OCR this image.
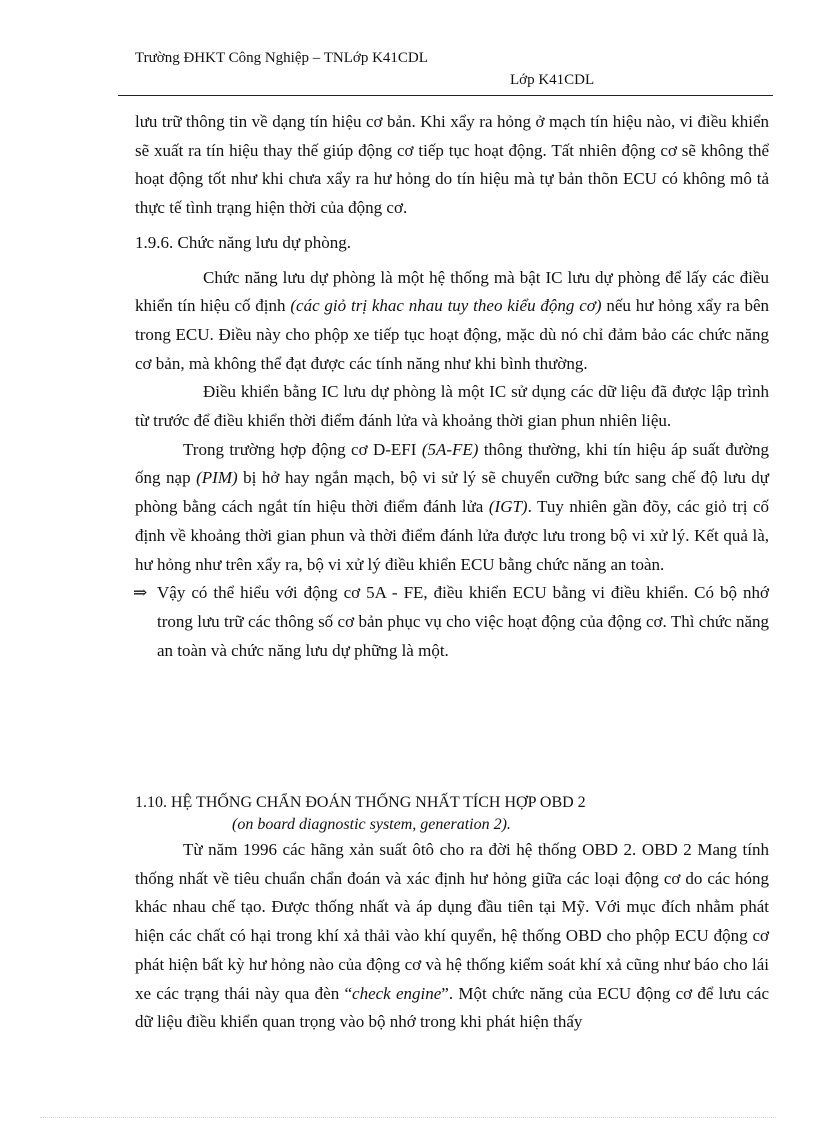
Trường ĐHKT Công Nghiệp – TNLớp K41CDL
Lớp K41CDL

lưu trữ thông tin về dạng tín hiệu cơ bản. Khi xẩy ra hỏng ở mạch tín hiệu nào, vi điều khiển sẽ xuất ra tín hiệu thay thế giúp động cơ tiếp tục hoạt động. Tất nhiên động cơ sẽ không thể hoạt động tốt như khi chưa xẩy ra hư hỏng do tín hiệu mà tự bản thõn ECU có không mô tả thực tế tình trạng hiện thời của động cơ.

1.9.6. Chức năng lưu dự phòng.

Chức năng lưu dự phòng là một hệ thống mà bật IC lưu dự phòng để lấy các điều khiển tín hiệu cố định (các giỏ trị khac nhau tuy theo kiểu động cơ) nếu hư hỏng xẩy ra bên trong ECU. Điều này cho phộp xe tiếp tục hoạt động, mặc dù nó chỉ đảm bảo các chức năng cơ bản, mà không thể đạt được các tính năng như khi bình thường.

Điều khiển bằng IC lưu dự phòng là một IC sử dụng các dữ liệu đã được lập trình từ trước để điều khiển thời điểm đánh lửa và khoảng thời gian phun nhiên liệu.

Trong trường hợp động cơ D-EFI (5A-FE) thông thường, khi tín hiệu áp suất đường ống nạp (PIM) bị hở hay ngắn mạch, bộ vi sử lý sẽ chuyển cưỡng bức sang chế độ lưu dự phòng bằng cách ngắt tín hiệu thời điểm đánh lửa (IGT). Tuy nhiên gần đõy, các giỏ trị cố định về khoảng thời gian phun và thời điểm đánh lửa được lưu trong bộ vi xử lý. Kết quả là, hư hỏng như trên xẩy ra, bộ vi xử lý điều khiển ECU bằng chức năng an toàn.

⇒ Vậy có thể hiểu với động cơ 5A - FE, điều khiển ECU bằng vi điều khiển. Có bộ nhớ trong lưu trữ các thông số cơ bản phục vụ cho việc hoạt động của động cơ. Thì chức năng an toàn và chức năng lưu dự phững là một.

1.10. HỆ THỐNG CHẨN ĐOÁN THỐNG NHẤT TÍCH HỢP OBD 2

(on board diagnostic system, generation 2).

Từ năm 1996 các hãng xản suất ôtô cho ra đời hệ thống OBD 2. OBD 2 Mang tính thống nhất về tiêu chuẩn chẩn đoán và xác định hư hỏng giữa các loại động cơ do các hóng khác nhau chế tạo. Được thống nhất và áp dụng đầu tiên tại Mỹ. Với mục đích nhằm phát hiện các chất có hại trong khí xả thải vào khí quyển, hệ thống OBD cho phộp ECU động cơ phát hiện bất kỳ hư hỏng nào của động cơ và hệ thống kiểm soát khí xả cũng như báo cho lái xe các trạng thái này qua đèn “check engine”. Một chức năng của ECU động cơ để lưu các dữ liệu điều khiển quan trọng vào bộ nhớ trong khi phát hiện thấy
